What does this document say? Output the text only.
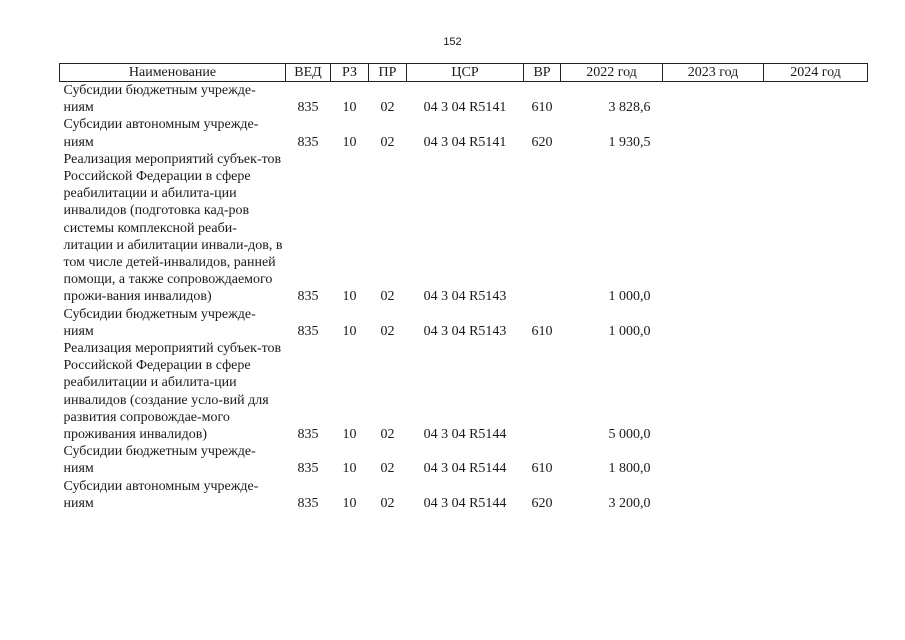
152
Наименование	ВЕД	РЗ	ПР	ЦСР	ВР	2022 год	2023 год	2024 год
Субсидии бюджетным учрежде-ниям	835	10	02	04 3 04 R5141	610	3 828,6		
Субсидии автономным учрежде-ниям	835	10	02	04 3 04 R5141	620	1 930,5		
Реализация мероприятий субъек-тов Российской Федерации в сфере реабилитации и абилита-ции инвалидов (подготовка кад-ров системы комплексной реаби-литации и абилитации инвали-дов, в том числе детей-инвалидов, ранней помощи, а также сопровождаемого прожи-вания инвалидов)	835	10	02	04 3 04 R5143		1 000,0		
Субсидии бюджетным учрежде-ниям	835	10	02	04 3 04 R5143	610	1 000,0		
Реализация мероприятий субъек-тов Российской Федерации в сфере реабилитации и абилита-ции инвалидов (создание усло-вий для развития сопровождае-мого проживания инвалидов)	835	10	02	04 3 04 R5144		5 000,0		
Субсидии бюджетным учрежде-ниям	835	10	02	04 3 04 R5144	610	1 800,0		
Субсидии автономным учрежде-ниям	835	10	02	04 3 04 R5144	620	3 200,0		
